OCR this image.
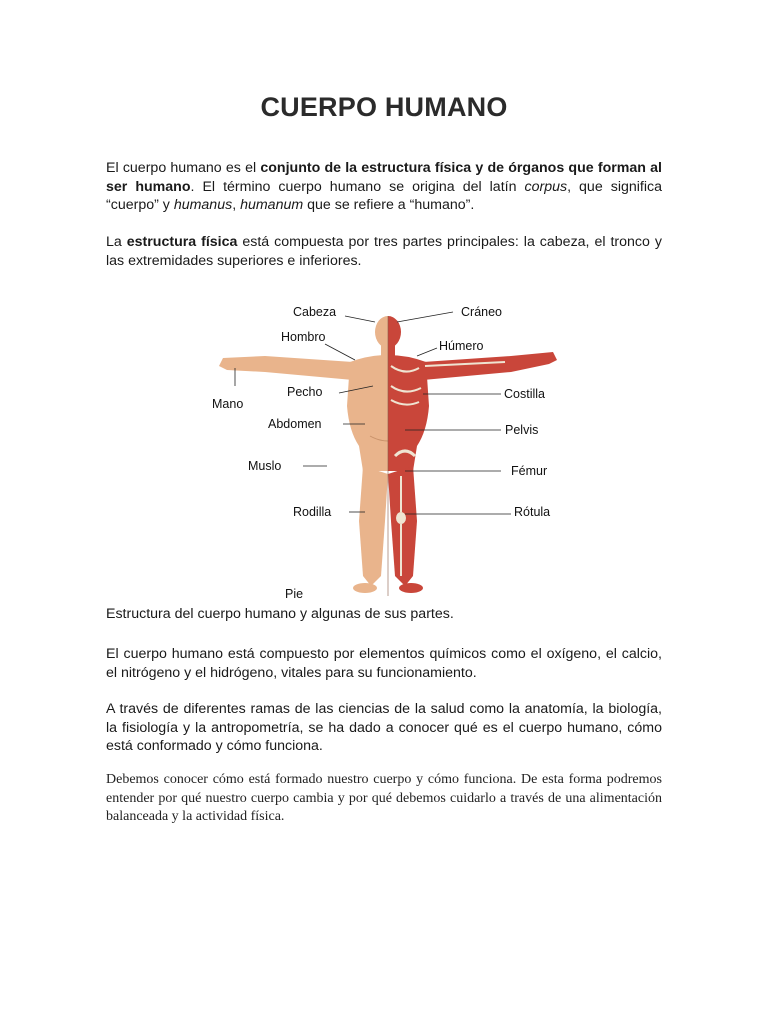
CUERPO HUMANO

El cuerpo humano es el conjunto de la estructura física y de órganos que forman al ser humano. El término cuerpo humano se origina del latín corpus, que significa “cuerpo” y humanus, humanum que se refiere a “humano”.

La estructura física está compuesta por tres partes principales: la cabeza, el tronco y las extremidades superiores e inferiores.

Cabeza
Hombro
Mano
Pecho
Abdomen
Muslo
Rodilla
Pie
Cráneo
Húmero
Costilla
Pelvis
Fémur
Rótula

Estructura del cuerpo humano y algunas de sus partes.

El cuerpo humano está compuesto por elementos químicos como el oxígeno, el calcio, el nitrógeno y el hidrógeno, vitales para su funcionamiento.

A través de diferentes ramas de las ciencias de la salud como la anatomía, la biología, la fisiología y la antropometría, se ha dado a conocer qué es el cuerpo humano, cómo está conformado y cómo funciona.

Debemos conocer cómo está formado nuestro cuerpo y cómo funciona. De esta forma podremos entender por qué nuestro cuerpo cambia y por qué debemos cuidarlo a través de una alimentación balanceada y la actividad física.
